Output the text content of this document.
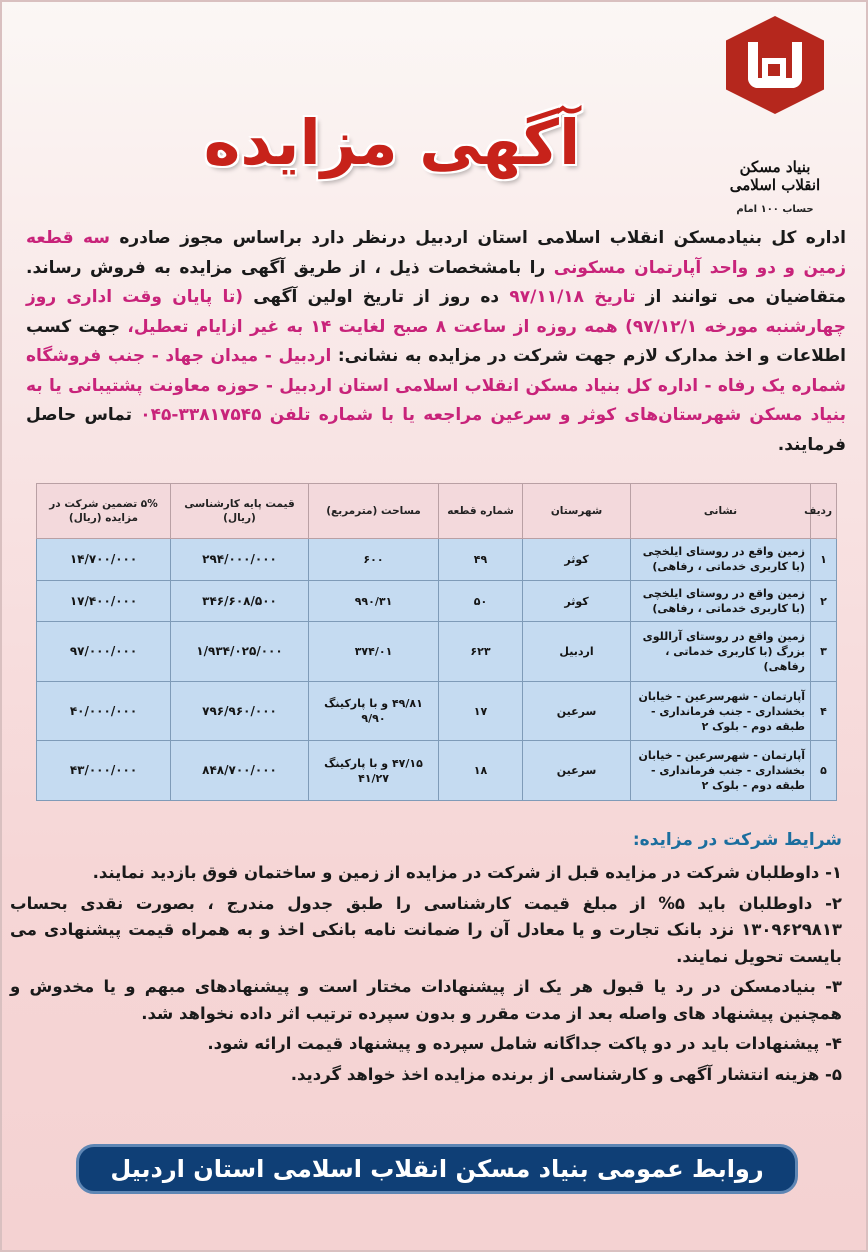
بنیاد مسکن انقلاب اسلامی
حساب ۱۰۰ امام
آگهی مزایده
اداره کل بنیادمسکن انقلاب اسلامی استان اردبیل درنظر دارد براساس مجوز صادره سه قطعه زمین و دو واحد آپارتمان مسکونی را بامشخصات ذیل ، از طریق آگهی مزایده به فروش رساند. متقاضیان می توانند از تاریخ ۹۷/۱۱/۱۸ ده روز از تاریخ اولین آگهی (تا پایان وقت اداری روز چهارشنبه مورخه ۹۷/۱۲/۱) همه روزه از ساعت ۸ صبح لغایت ۱۴ به غیر ازایام تعطیل، جهت کسب اطلاعات و اخذ مدارک لازم جهت شرکت در مزایده به نشانی: اردبیل - میدان جهاد - جنب فروشگاه شماره یک رفاه - اداره کل بنیاد مسکن انقلاب اسلامی استان اردبیل - حوزه معاونت پشتیبانی یا به بنیاد مسکن شهرستان‌های کوثر و سرعین مراجعه یا با شماره تلفن ۳۳۸۱۷۵۴۵-۰۴۵ تماس حاصل فرمایند.
ردیف	نشانی	شهرستان	شماره قطعه	مساحت (مترمربع)	قیمت پایه کارشناسی (ریال)	۵% تضمین شرکت در مزایده (ریال)
۱	زمین واقع در روستای ایلخچی (با کاربری خدماتی ، رفاهی)	کوثر	۴۹	۶۰۰	۲۹۴/۰۰۰/۰۰۰	۱۴/۷۰۰/۰۰۰
۲	زمین واقع در روستای ایلخچی (با کاربری خدماتی ، رفاهی)	کوثر	۵۰	۹۹۰/۳۱	۳۴۶/۶۰۸/۵۰۰	۱۷/۴۰۰/۰۰۰
۳	زمین واقع در روستای آراللوی بزرگ (با کاربری خدماتی ، رفاهی)	اردبیل	۶۲۳	۳۷۴/۰۱	۱/۹۳۴/۰۲۵/۰۰۰	۹۷/۰۰۰/۰۰۰
۴	آپارتمان - شهرسرعین - خیابان بخشداری - جنب فرمانداری - طبقه دوم - بلوک ۲	سرعین	۱۷	۴۹/۸۱ و با پارکینگ ۹/۹۰	۷۹۶/۹۶۰/۰۰۰	۴۰/۰۰۰/۰۰۰
۵	آپارتمان - شهرسرعین - خیابان بخشداری - جنب فرمانداری - طبقه دوم - بلوک ۲	سرعین	۱۸	۴۷/۱۵ و با پارکینگ ۴۱/۲۷	۸۴۸/۷۰۰/۰۰۰	۴۳/۰۰۰/۰۰۰
شرایط شرکت در مزایده:
۱- داوطلبان شرکت در مزایده قبل از شرکت در مزایده از زمین و ساختمان فوق بازدید نمایند.
۲- داوطلبان باید ۵% از مبلغ قیمت کارشناسی را طبق جدول مندرج ، بصورت نقدی بحساب ۱۳۰۹۶۲۹۸۱۳ نزد بانک تجارت و یا معادل آن را ضمانت نامه بانکی اخذ و به همراه قیمت پیشنهادی می بایست تحویل نمایند.
۳- بنیادمسکن در رد یا قبول هر یک از پیشنهادات مختار است و پیشنهادهای مبهم و یا مخدوش و همچنین پیشنهاد های واصله بعد از مدت مقرر و بدون سپرده ترتیب اثر داده نخواهد شد.
۴- پیشنهادات باید در دو پاکت جداگانه شامل سپرده و پیشنهاد قیمت ارائه شود.
۵- هزینه انتشار آگهی و کارشناسی از برنده مزایده اخذ خواهد گردید.
روابط عمومی بنیاد مسکن انقلاب اسلامی استان اردبیل
